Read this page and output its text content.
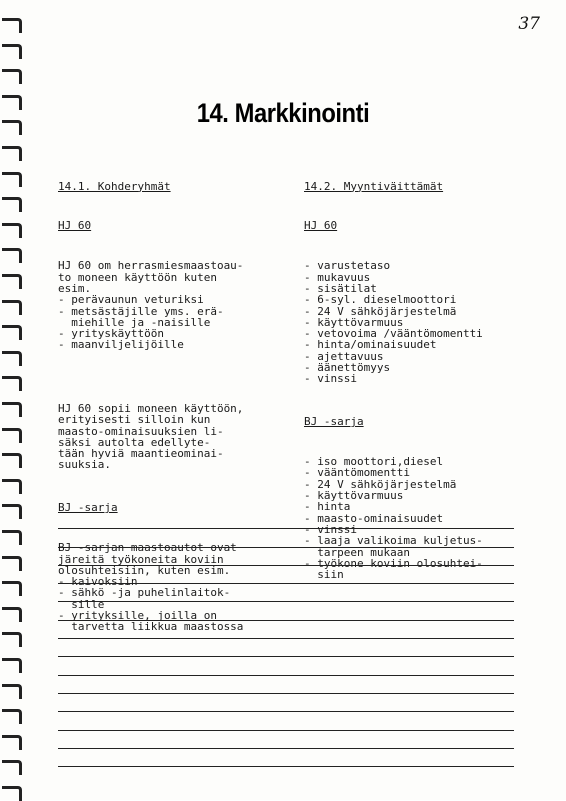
37
14. Markkinointi

14.1. Kohderyhmät

HJ 60

HJ 60 om herrasmiesmaastoau-
to moneen käyttöön kuten
esim.
- perävaunun veturiksi
- metsästäjille yms. erä-
miehille ja -naisille
- yrityskäyttöön
- maanviljelijöille

HJ 60 sopii moneen käyttöön,
erityisesti silloin kun
maasto-ominaisuuksien li-
säksi autolta edellyte-
tään hyviä maantieominai-
suuksia.

BJ -sarja

BJ -sarjan maastoautot ovat
järeitä työkoneita koviin
olosuhteisiin, kuten esim.
- kaivoksiin
- sähkö -ja puhelinlaitok-
sille
- yrityksille, joilla on
tarvetta liikkua maastossa

14.2. Myyntiväittämät

HJ 60

- varustetaso
- mukavuus
- sisätilat
- 6-syl. dieselmoottori
- 24 V sähköjärjestelmä
- käyttövarmuus
- vetovoima /vääntömomentti
- hinta/ominaisuudet
- ajettavuus
- äänettömyys
- vinssi

BJ -sarja

- iso moottori,diesel
- vääntömomentti
- 24 V sähköjärjestelmä
- käyttövarmuus
- hinta
- maasto-ominaisuudet
- vinssi
- laaja valikoima kuljetus-
tarpeen mukaan
- työkone koviin olosuhtei-
siin
